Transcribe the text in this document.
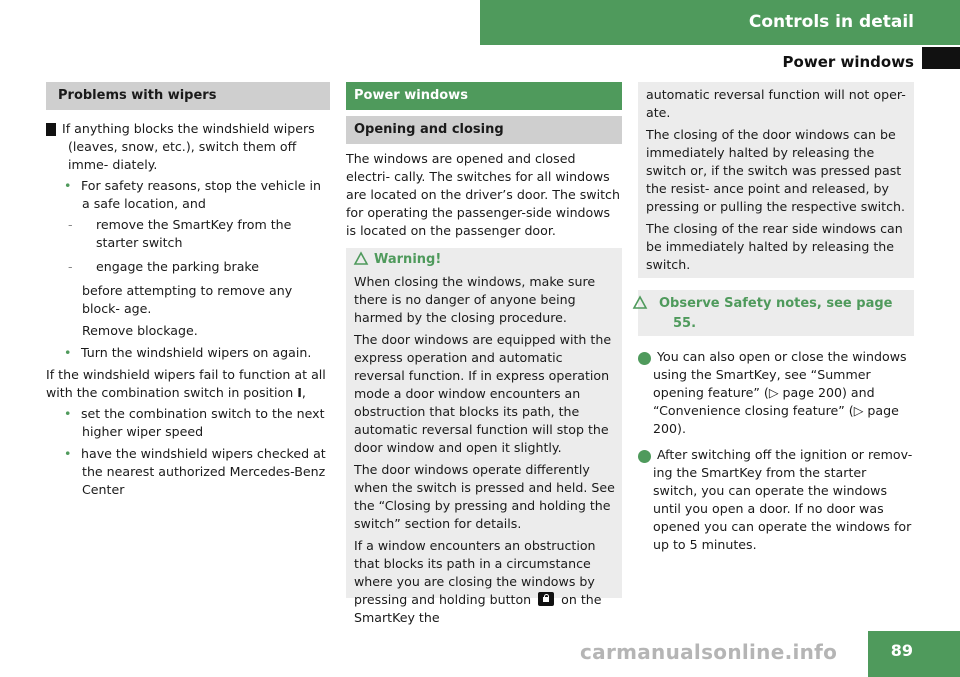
Controls in detail
Power windows
Problems with wipers

! If anything blocks the windshield wipers (leaves, snow, etc.), switch them off imme- diately.

• For safety reasons, stop the vehicle in a safe location, and

- remove the SmartKey from the starter switch

- engage the parking brake

before attempting to remove any block- age.

Remove blockage.

• Turn the windshield wipers on again.

If the windshield wipers fail to function at all with the combination switch in position I,

• set the combination switch to the next higher wiper speed

• have the windshield wipers checked at the nearest authorized Mercedes-Benz Center

Power windows
Opening and closing

The windows are opened and closed electri- cally. The switches for all windows are located on the driver’s door. The switch for operating the passenger-side windows is located on the passenger door.

Warning!

When closing the windows, make sure there is no danger of anyone being harmed by the closing procedure.

The door windows are equipped with the express operation and automatic reversal function. If in express operation mode a door window encounters an obstruction that blocks its path, the automatic reversal function will stop the door window and open it slightly.

The door windows operate differently when the switch is pressed and held. See the “Closing by pressing and holding the switch” section for details.

If a window encounters an obstruction that blocks its path in a circumstance where you are closing the windows by pressing and holding button on the SmartKey the

automatic reversal function will not oper- ate.

The closing of the door windows can be immediately halted by releasing the switch or, if the switch was pressed past the resist- ance point and released, by pressing or pulling the respective switch.

The closing of the rear side windows can be immediately halted by releasing the switch.

Observe Safety notes, see page 55.

i You can also open or close the windows using the SmartKey, see “Summer opening feature” (▷ page 200) and “Convenience closing feature” (▷ page 200).

i After switching off the ignition or remov- ing the SmartKey from the starter switch, you can operate the windows until you open a door. If no door was opened you can operate the windows for up to 5 minutes.

carmanualsonline.info	89
